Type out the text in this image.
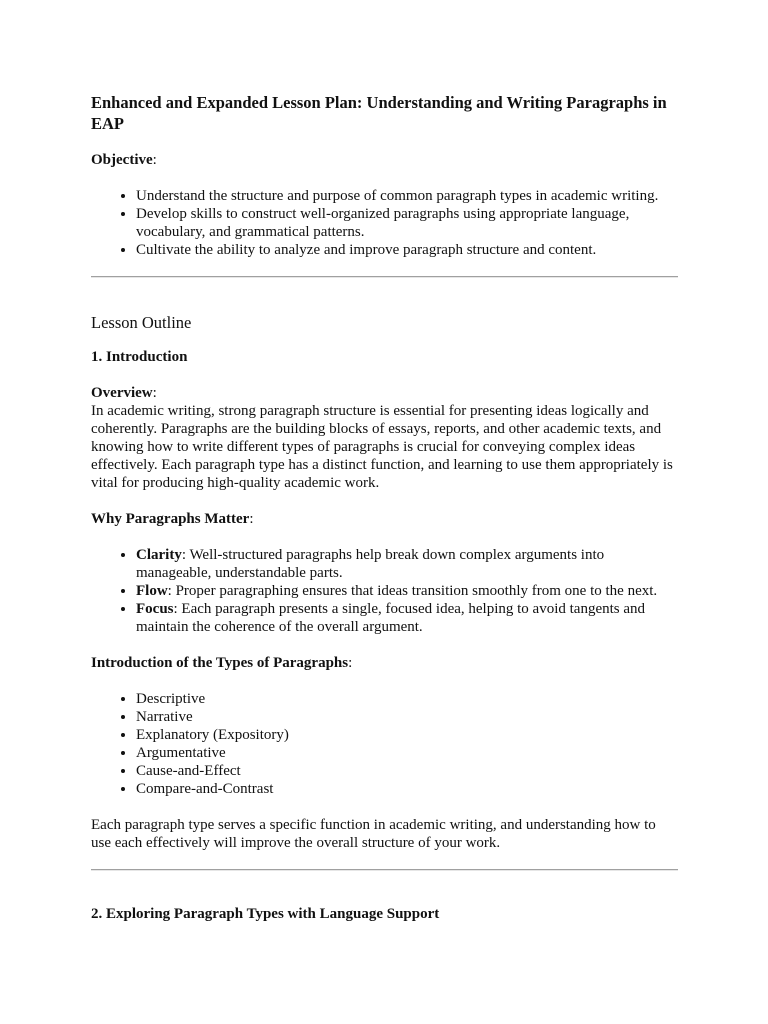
Enhanced and Expanded Lesson Plan: Understanding and Writing Paragraphs in EAP
Objective:
• Understand the structure and purpose of common paragraph types in academic writing.
• Develop skills to construct well-organized paragraphs using appropriate language, vocabulary, and grammatical patterns.
• Cultivate the ability to analyze and improve paragraph structure and content.
Lesson Outline
1. Introduction
Overview:

In academic writing, strong paragraph structure is essential for presenting ideas logically and coherently. Paragraphs are the building blocks of essays, reports, and other academic texts, and knowing how to write different types of paragraphs is crucial for conveying complex ideas effectively. Each paragraph type has a distinct function, and learning to use them appropriately is vital for producing high-quality academic work.

Why Paragraphs Matter:
• Clarity: Well-structured paragraphs help break down complex arguments into manageable, understandable parts.
• Flow: Proper paragraphing ensures that ideas transition smoothly from one to the next.
• Focus: Each paragraph presents a single, focused idea, helping to avoid tangents and maintain the coherence of the overall argument.
Introduction of the Types of Paragraphs:
• Descriptive
• Narrative
• Explanatory (Expository)
• Argumentative
• Cause-and-Effect
• Compare-and-Contrast

Each paragraph type serves a specific function in academic writing, and understanding how to use each effectively will improve the overall structure of your work.

2. Exploring Paragraph Types with Language Support
